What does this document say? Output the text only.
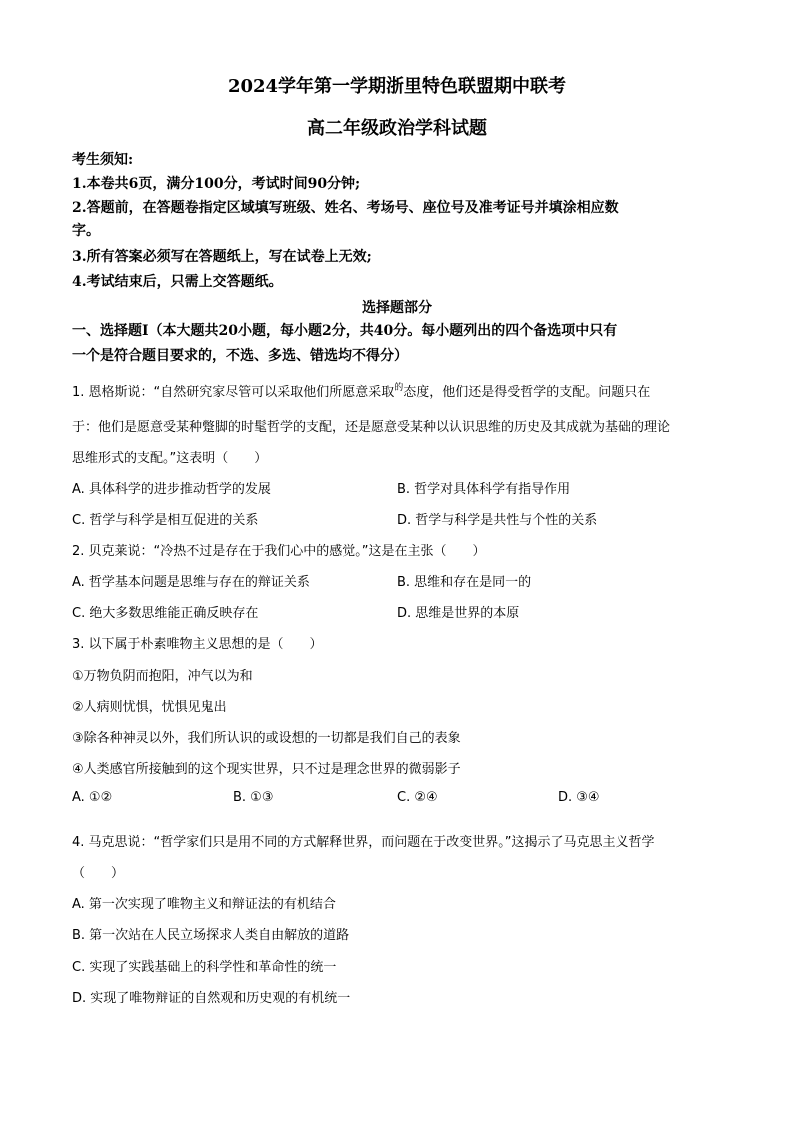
2024学年第一学期浙里特色联盟期中联考
高二年级政治学科试题
考生须知:
1.本卷共6页，满分100分，考试时间90分钟;
2.答题前，在答题卷指定区域填写班级、姓名、考场号、座位号及准考证号并填涂相应数
字。
3.所有答案必须写在答题纸上，写在试卷上无效;
4.考试结束后，只需上交答题纸。
选择题部分
一、选择题Ⅰ（本大题共20小题，每小题2分，共40分。每小题列出的四个备选项中只有
一个是符合题目要求的，不选、多选、错选均不得分）
1. 恩格斯说：“自然研究家尽管可以采取他们所愿意采取$^的$态度，他们还是得受哲学的支配。问题只在
于：他们是愿意受某种蹩脚的时髦哲学的支配，还是愿意受某种以认识思维的历史及其成就为基础的理论
思维形式的支配。”这表明（　　）
A. 具体科学的进步推动哲学的发展	B. 哲学对具体科学有指导作用
C. 哲学与科学是相互促进的关系	D. 哲学与科学是共性与个性的关系
2. 贝克莱说：“冷热不过是存在于我们心中的感觉。”这是在主张（　　）
A. 哲学基本问题是思维与存在的辩证关系	B. 思维和存在是同一的
C. 绝大多数思维能正确反映存在	D. 思维是世界的本原
3. 以下属于朴素唯物主义思想的是（　　）
①万物负阴而抱阳，冲气以为和
②人病则忧惧，忧惧见鬼出
③除各种神灵以外，我们所认识的或设想的一切都是我们自己的表象
④人类感官所接触到的这个现实世界，只不过是理念世界的微弱影子
A. ①②	B. ①③	C. ②④	D. ③④
4. 马克思说：“哲学家们只是用不同的方式解释世界，而问题在于改变世界。”这揭示了马克思主义哲学
（　　）
A. 第一次实现了唯物主义和辩证法的有机结合
B. 第一次站在人民立场探求人类自由解放的道路
C. 实现了实践基础上的科学性和革命性的统一
D. 实现了唯物辩证的自然观和历史观的有机统一
